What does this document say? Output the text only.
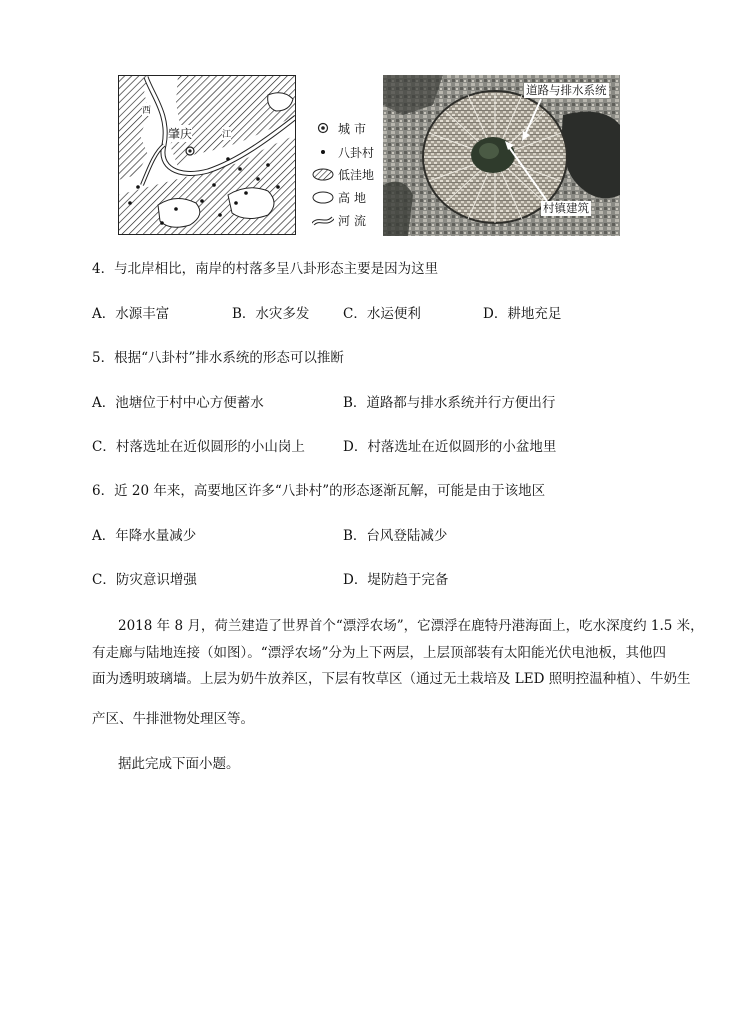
肇庆
西
江	城市
八卦村
低洼地
高地
河流
道路与排水系统
村镇建筑
4．与北岸相比，南岸的村落多呈八卦形态主要是因为这里
A．水源丰富	B．水灾多发 C．水运便利	D．耕地充足
5．根据“八卦村”排水系统的形态可以推断
A．池塘位于村中心方便蓄水	B．道路都与排水系统并行方便出行
C．村落选址在近似圆形的小山岗上	D．村落选址在近似圆形的小盆地里
6．近 20 年来，高要地区许多“八卦村”的形态逐渐瓦解，可能是由于该地区
A．年降水量减少	B．台风登陆减少
C．防灾意识增强	D．堤防趋于完备
2018 年 8 月，荷兰建造了世界首个“漂浮农场”，它漂浮在鹿特丹港海面上，吃水深度约 1.5 米，
有走廊与陆地连接（如图）。“漂浮农场”分为上下两层，上层顶部装有太阳能光伏电池板，其他四
面为透明玻璃墙。上层为奶牛放养区，下层有牧草区（通过无土栽培及 LED 照明控温种植）、牛奶生
产区、牛排泄物处理区等。
据此完成下面小题。
